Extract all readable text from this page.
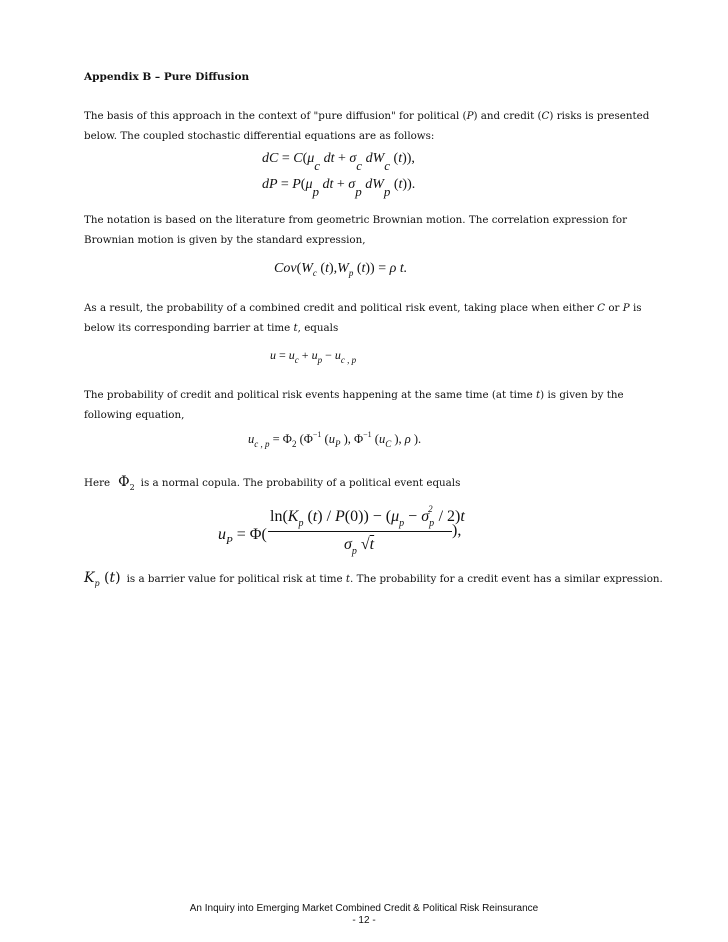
Appendix B – Pure Diffusion
The basis of this approach in the context of "pure diffusion" for political (P) and credit (C) risks is presented below. The coupled stochastic differential equations are as follows:
dC = C(μc dt + σc dWc (t)),
dP = P(μp dt + σp dWp (t)).
The notation is based on the literature from geometric Brownian motion. The correlation expression for Brownian motion is given by the standard expression,
$Cov(W_c$ $(t),W_p$ (t)) = ρ t.
As a result, the probability of a combined credit and political risk event, taking place when either C or P is below its corresponding barrier at time t, equals
$u = u_c + u_p - u_{c , p}$
The probability of credit and political risk events happening at the same time (at time t) is given by the following equation,
$u_{c , p} = \Phi_2$ ($\Phi^{-1}$ ($u_P$ ), $\Phi^{-1}$ ($u_C$ ), ρ ).
Here $\Phi_2$ is a normal copula. The probability of a political event equals
$u_P = \Phi$(
$\ln(K_p$ $(t) / P(0)) - (\mu_p - \sigma_p^2 / 2)t$
$\sigma_p$ √t
),
$K_p$ (t) is a barrier value for political risk at time t. The probability for a credit event has a similar expression.
An Inquiry into Emerging Market Combined Credit & Political Risk Reinsurance
- 12 -
